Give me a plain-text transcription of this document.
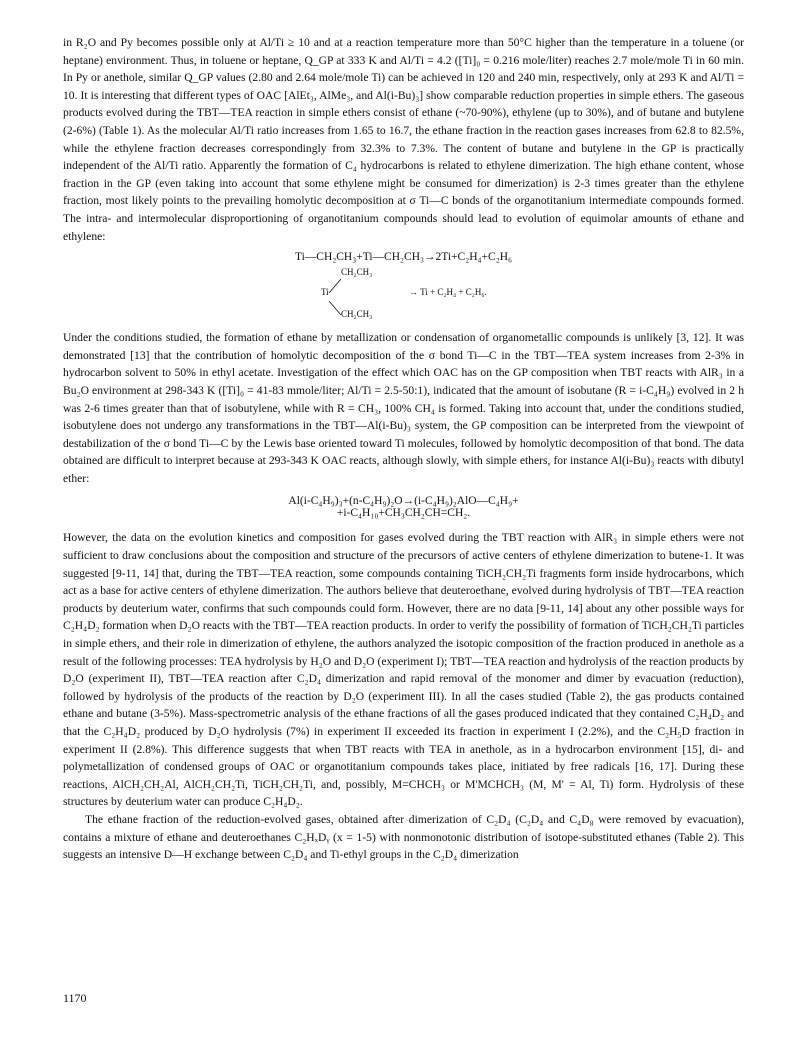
in R₂O and Py becomes possible only at Al/Ti ≥ 10 and at a reaction temperature more than 50°C higher than the temperature in a toluene (or heptane) environment. Thus, in toluene or heptane, Q_GP at 333 K and Al/Ti = 4.2 ([Ti]₀ = 0.216 mole/liter) reaches 2.7 mole/mole Ti in 60 min. In Py or anethole, similar Q_GP values (2.80 and 2.64 mole/mole Ti) can be achieved in 120 and 240 min, respectively, only at 293 K and Al/Ti = 10. It is interesting that different types of OAC [AlEt₃, AlMe₃, and Al(i-Bu)₃] show comparable reduction properties in simple ethers. The gaseous products evolved during the TBT—TEA reaction in simple ethers consist of ethane (~70-90%), ethylene (up to 30%), and of butane and butylene (2-6%) (Table 1). As the molecular Al/Ti ratio increases from 1.65 to 16.7, the ethane fraction in the reaction gases increases from 62.8 to 82.5%, while the ethylene fraction decreases correspondingly from 32.3% to 7.3%. The content of butane and butylene in the GP is practically independent of the Al/Ti ratio. Apparently the formation of C₄ hydrocarbons is related to ethylene dimerization. The high ethane content, whose fraction in the GP (even taking into account that some ethylene might be consumed for dimerization) is 2-3 times greater than the ethylene fraction, most likely points to the prevailing homolytic decomposition at σ Ti—C bonds of the organotitanium intermediate compounds formed. The intra- and intermolecular disproportioning of organotitanium compounds should lead to evolution of equimolar amounts of ethane and ethylene:

Ti—CH₂CH₃+Ti—CH₂CH₃→2Ti+C₂H₄+C₂H₆

CH₂CH₃
Ti	→ Ti + C₂H₄ + C₂H₆.
CH₂CH₃

Under the conditions studied, the formation of ethane by metallization or condensation of organometallic compounds is unlikely [3, 12]. It was demonstrated [13] that the contribution of homolytic decomposition of the σ bond Ti—C in the TBT—TEA system increases from 2-3% in hydrocarbon solvent to 50% in ethyl acetate. Investigation of the effect which OAC has on the GP composition when TBT reacts with AlR₃ in a Bu₂O environment at 298-343 K ([Ti]₀ = 41-83 mmole/liter; Al/Ti = 2.5-50:1), indicated that the amount of isobutane (R = i-C₄H₉) evolved in 2 h was 2-6 times greater than that of isobutylene, while with R = CH₃, 100% CH₄ is formed. Taking into account that, under the conditions studied, isobutylene does not undergo any transformations in the TBT—Al(i-Bu)₃ system, the GP composition can be interpreted from the viewpoint of destabilization of the σ bond Ti—C by the Lewis base oriented toward Ti molecules, followed by homolytic decomposition of that bond. The data obtained are difficult to interpret because at 293-343 K OAC reacts, although slowly, with simple ethers, for instance Al(i-Bu)₃ reacts with dibutyl ether:

Al(i-C₄H₉)₃+(n-C₄H₉)₂O→(i-C₄H₉)₂AlO—C₄H₉+

+i-C₄H₁₀+CH₃CH₂CH=CH₂.

However, the data on the evolution kinetics and composition for gases evolved during the TBT reaction with AlR₃ in simple ethers were not sufficient to draw conclusions about the composition and structure of the precursors of active centers of ethylene dimerization to butene-1. It was suggested [9-11, 14] that, during the TBT—TEA reaction, some compounds containing TiCH₂CH₂Ti fragments form inside hydrocarbons, which act as a base for active centers of ethylene dimerization. The authors believe that deuteroethane, evolved during hydrolysis of TBT—TEA reaction products by deuterium water, confirms that such compounds could form. However, there are no data [9-11, 14] about any other possible ways for C₂H₄D₂ formation when D₂O reacts with the TBT—TEA reaction products. In order to verify the possibility of formation of TiCH₂CH₂Ti particles in simple ethers, and their role in dimerization of ethylene, the authors analyzed the isotopic composition of the fraction produced in anethole as a result of the following processes: TEA hydrolysis by H₂O and D₂O (experiment I); TBT—TEA reaction and hydrolysis of the reaction products by D₂O (experiment II), TBT—TEA reaction after C₂D₄ dimerization and rapid removal of the monomer and dimer by evacuation (reduction), followed by hydrolysis of the products of the reaction by D₂O (experiment III). In all the cases studied (Table 2), the gas products contained ethane and butane (3-5%). Mass-spectrometric analysis of the ethane fractions of all the gases produced indicated that they contained C₂H₄D₂ and that the C₂H₄D₂ produced by D₂O hydrolysis (7%) in experiment II exceeded its fraction in experiment I (2.2%), and the C₂H₅D fraction in experiment II (2.8%). This difference suggests that when TBT reacts with TEA in anethole, as in a hydrocarbon environment [15], di- and polymetallization of condensed groups of OAC or organotitanium compounds takes place, initiated by free radicals [16, 17]. During these reactions, AlCH₂CH₂Al, AlCH₂CH₂Ti, TiCH₂CH₂Ti, and, possibly, M=CHCH₃ or M'MCHCH₃ (M, M' = Al, Ti) form. Hydrolysis of these structures by deuterium water can produce C₂H₄D₂.

The ethane fraction of the reduction-evolved gases, obtained after dimerization of C₂D₄ (C₂D₄ and C₄D₈ were removed by evacuation), contains a mixture of ethane and deuteroethanes C₂HₓDᵧ (x = 1-5) with nonmonotonic distribution of isotope-substituted ethanes (Table 2). This suggests an intensive D—H exchange between C₂D₄ and Ti-ethyl groups in the C₂D₄ dimerization

1170
